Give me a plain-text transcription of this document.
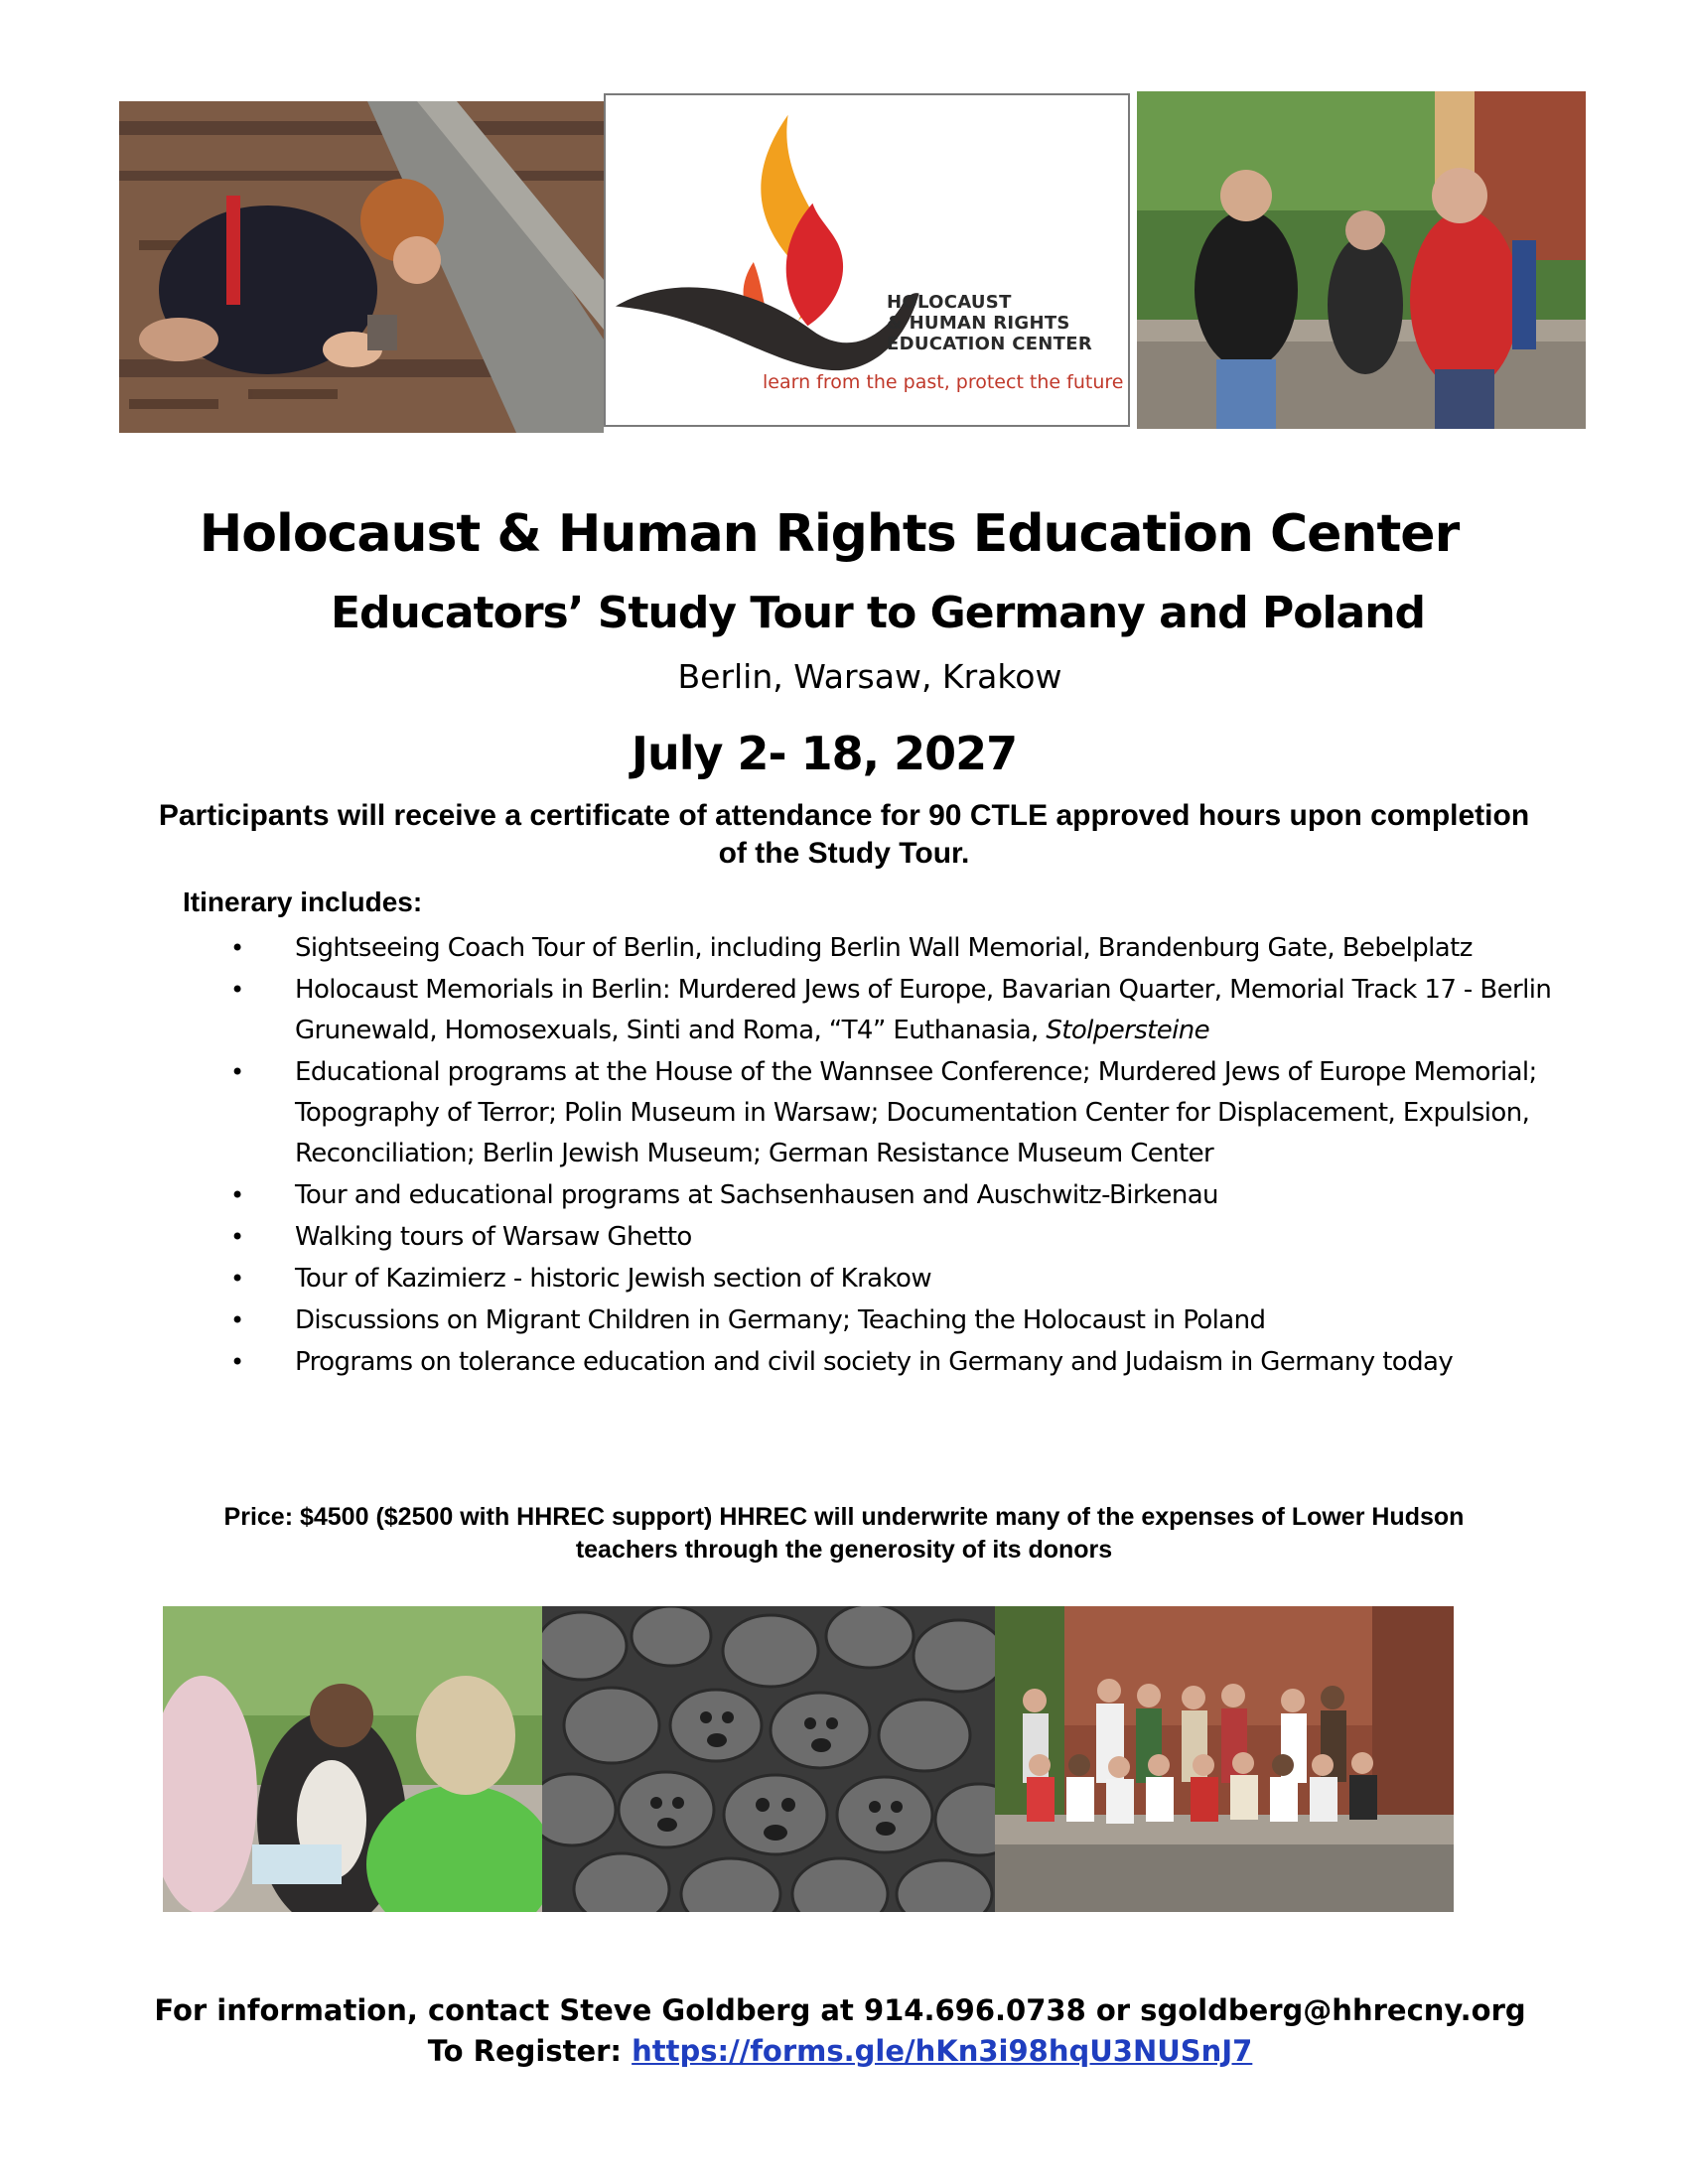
HOLOCAUST
& HUMAN RIGHTS
EDUCATION CENTER
learn from the past, protect the future
Holocaust & Human Rights Education Center
Educators’ Study Tour to Germany and Poland
Berlin, Warsaw, Krakow
July 2- 18, 2027
Participants will receive a certificate of attendance for 90 CTLE approved hours upon completion of the Study Tour.
Itinerary includes:
• Sightseeing Coach Tour of Berlin, including Berlin Wall Memorial, Brandenburg Gate, Bebelplatz
• Holocaust Memorials in Berlin: Murdered Jews of Europe, Bavarian Quarter, Memorial Track 17 - Berlin Grunewald, Homosexuals, Sinti and Roma, “T4” Euthanasia, Stolpersteine
• Educational programs at the House of the Wannsee Conference; Murdered Jews of Europe Memorial; Topography of Terror; Polin Museum in Warsaw; Documentation Center for Displacement, Expulsion, Reconciliation; Berlin Jewish Museum; German Resistance Museum Center
• Tour and educational programs at Sachsenhausen and Auschwitz-Birkenau
• Walking tours of Warsaw Ghetto
• Tour of Kazimierz - historic Jewish section of Krakow
• Discussions on Migrant Children in Germany; Teaching the Holocaust in Poland
• Programs on tolerance education and civil society in Germany and Judaism in Germany today
Price: $4500 ($2500 with HHREC support) HHREC will underwrite many of the expenses of Lower Hudson teachers through the generosity of its donors
For information, contact Steve Goldberg at 914.696.0738 or sgoldberg@hhrecny.org
To Register: https://forms.gle/hKn3i98hqU3NUSnJ7
